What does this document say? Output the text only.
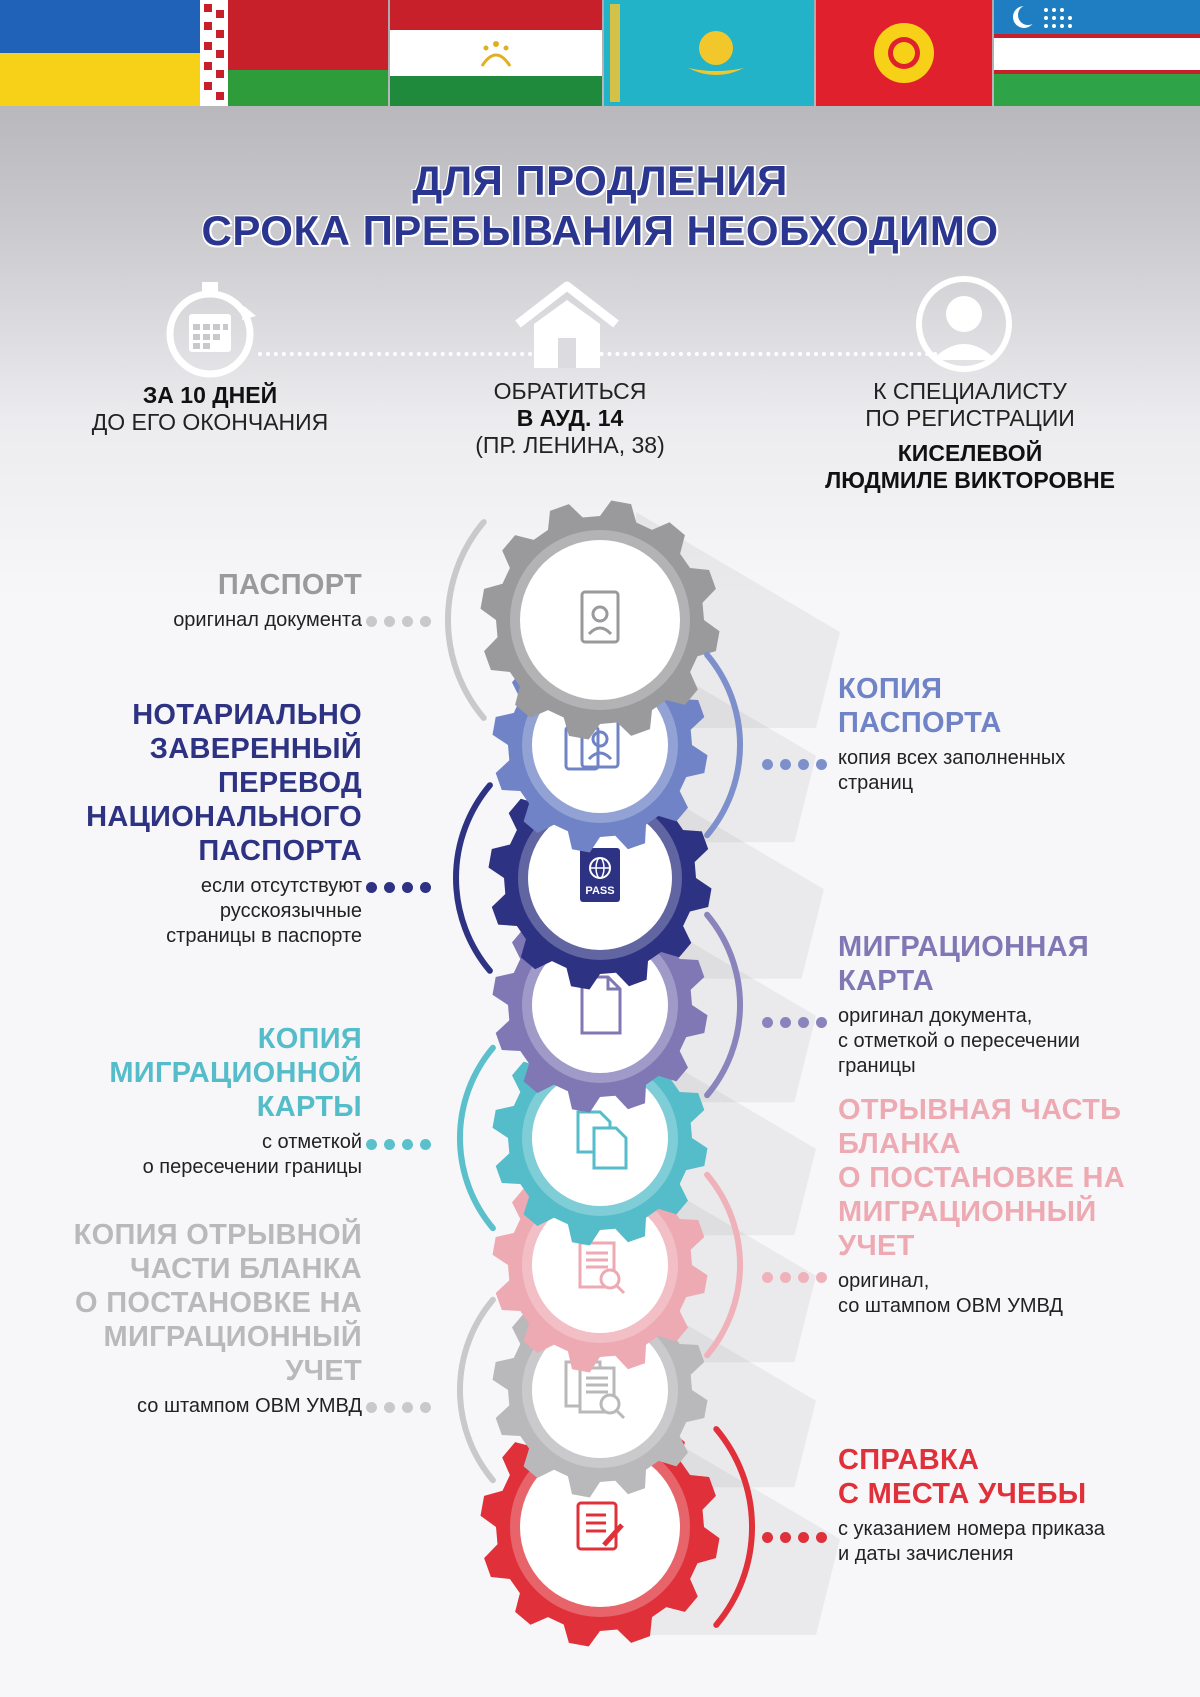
ДЛЯ ПРОДЛЕНИЯ
СРОКА ПРЕБЫВАНИЯ НЕОБХОДИМО
ЗА 10 ДНЕЙ
ДО ЕГО ОКОНЧАНИЯ
ОБРАТИТЬСЯ
В АУД. 14
(ПР. ЛЕНИНА, 38)
К СПЕЦИАЛИСТУ
ПО РЕГИСТРАЦИИ
КИСЕЛЕВОЙ
ЛЮДМИЛЕ ВИКТОРОВНЕ
PASS
ПАСПОРТ
оригинал документа
КОПИЯ
ПАСПОРТА
копия всех заполненных
страниц
НОТАРИАЛЬНО
ЗАВЕРЕННЫЙ
ПЕРЕВОД
НАЦИОНАЛЬНОГО
ПАСПОРТА
если отсутствуют
русскоязычные
страницы в паспорте	МИГРАЦИОННАЯ
КАРТА
оригинал документа,
с отметкой о пересечении
границы
КОПИЯ
МИГРАЦИОННОЙ
КАРТЫ
с отметкой
о пересечении границы
ОТРЫВНАЯ ЧАСТЬ
БЛАНКА
О ПОСТАНОВКЕ НА
МИГРАЦИОННЫЙ
УЧЕТ
оригинал,
со штампом ОВМ УМВД
КОПИЯ ОТРЫВНОЙ
ЧАСТИ БЛАНКА
О ПОСТАНОВКЕ НА
МИГРАЦИОННЫЙ
УЧЕТ
со штампом ОВМ УМВД
СПРАВКА
С МЕСТА УЧЕБЫ
с указанием номера приказа
и даты зачисления
